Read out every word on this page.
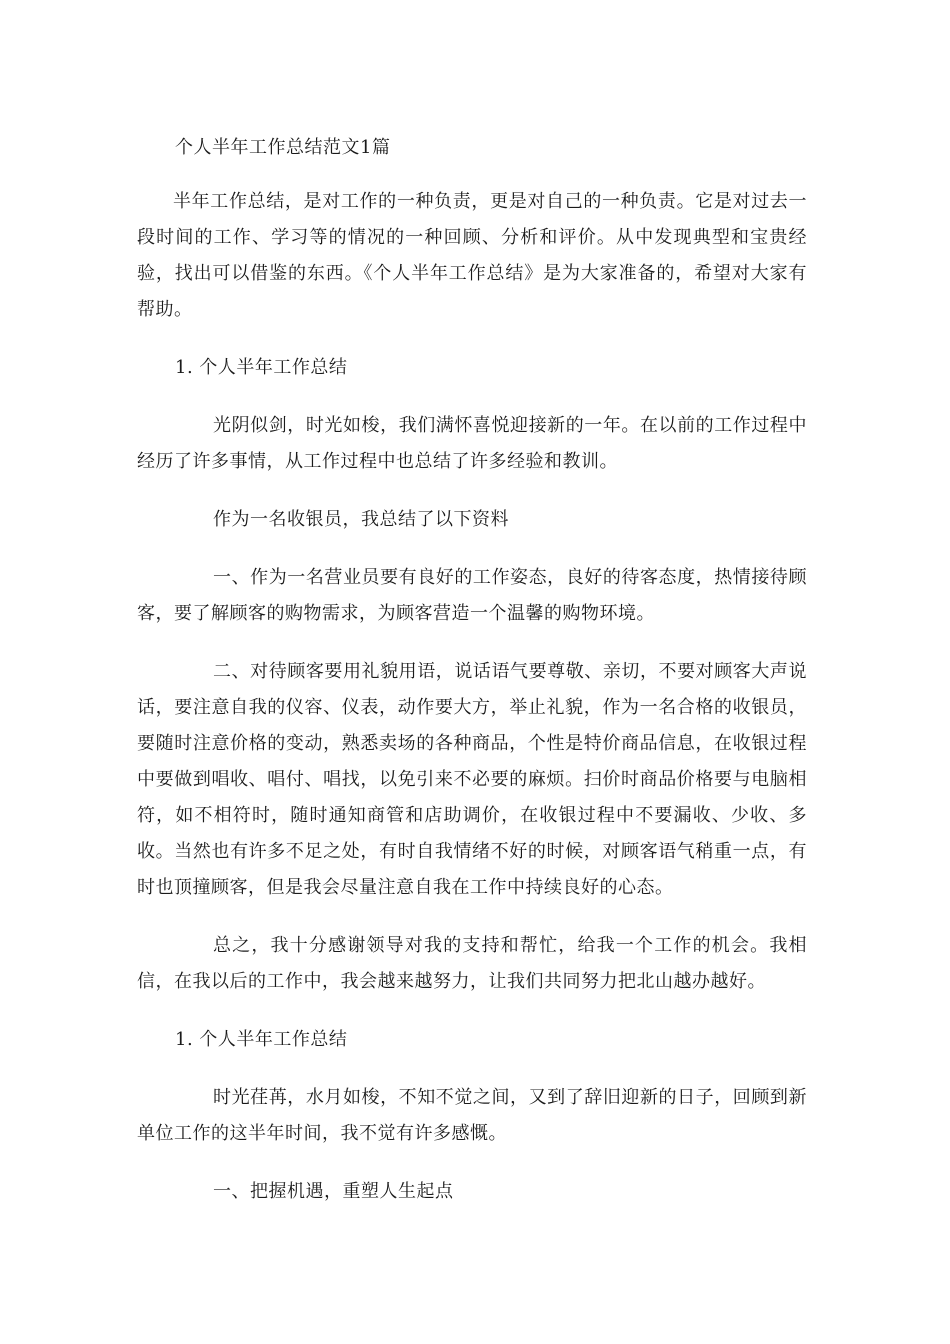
个人半年工作总结范文1篇

半年工作总结，是对工作的一种负责，更是对自己的一种负责。它是对过去一段时间的工作、学习等的情况的一种回顾、分析和评价。从中发现典型和宝贵经验，找出可以借鉴的东西。《个人半年工作总结》是为大家准备的，希望对大家有帮助。

1. 个人半年工作总结

光阴似剑，时光如梭，我们满怀喜悦迎接新的一年。在以前的工作过程中经历了许多事情，从工作过程中也总结了许多经验和教训。

作为一名收银员，我总结了以下资料

一、作为一名营业员要有良好的工作姿态，良好的待客态度，热情接待顾客，要了解顾客的购物需求，为顾客营造一个温馨的购物环境。

二、对待顾客要用礼貌用语，说话语气要尊敬、亲切，不要对顾客大声说话，要注意自我的仪容、仪表，动作要大方，举止礼貌，作为一名合格的收银员，要随时注意价格的变动，熟悉卖场的各种商品，个性是特价商品信息，在收银过程中要做到唱收、唱付、唱找，以免引来不必要的麻烦。扫价时商品价格要与电脑相符，如不相符时，随时通知商管和店助调价，在收银过程中不要漏收、少收、多收。当然也有许多不足之处，有时自我情绪不好的时候，对顾客语气稍重一点，有时也顶撞顾客，但是我会尽量注意自我在工作中持续良好的心态。

总之，我十分感谢领导对我的支持和帮忙，给我一个工作的机会。我相信，在我以后的工作中，我会越来越努力，让我们共同努力把北山越办越好。

1. 个人半年工作总结

时光荏苒，水月如梭，不知不觉之间，又到了辞旧迎新的日子，回顾到新单位工作的这半年时间，我不觉有许多感慨。

一、把握机遇，重塑人生起点
